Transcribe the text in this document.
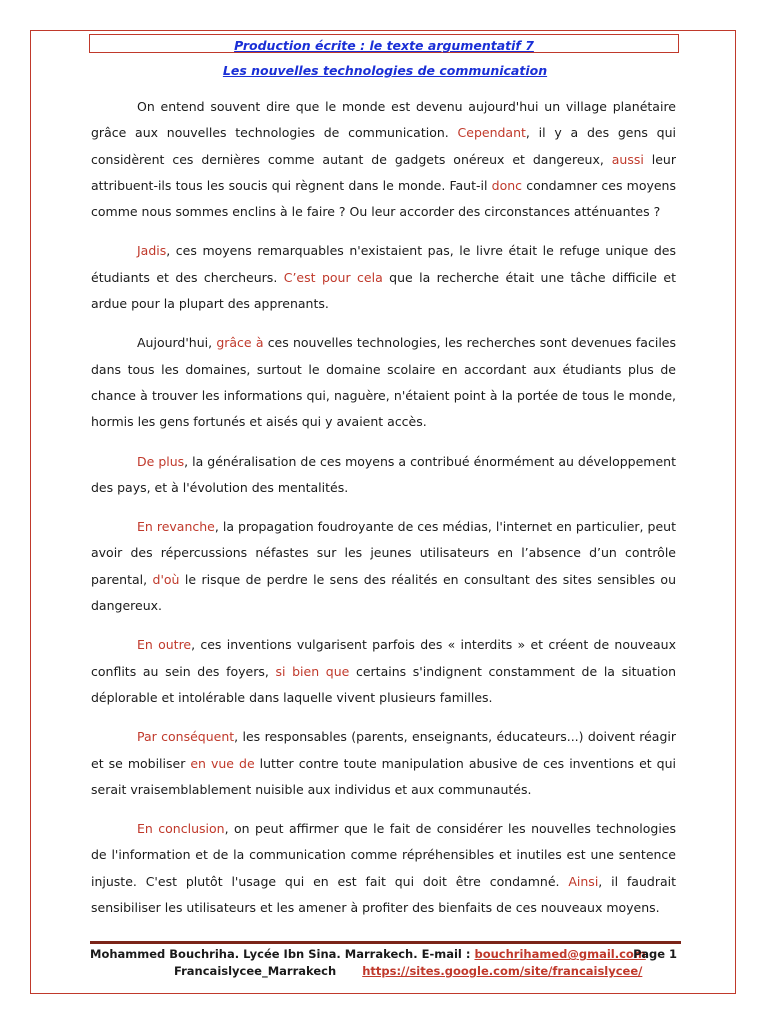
Production écrite : le texte argumentatif 7
Les nouvelles technologies de communication

On entend souvent dire que le monde est devenu aujourd'hui un village planétaire grâce aux nouvelles technologies de communication. Cependant, il y a des gens qui considèrent ces dernières comme autant de gadgets onéreux et dangereux, aussi leur attribuent-ils tous les soucis qui règnent dans le monde. Faut-il donc condamner ces moyens comme nous sommes enclins à le faire ? Ou leur accorder des circonstances atténuantes ?

Jadis, ces moyens remarquables n'existaient pas, le livre était le refuge unique des étudiants et des chercheurs. C’est pour cela que la recherche était une tâche difficile et ardue pour la plupart des apprenants.

Aujourd'hui, grâce à ces nouvelles technologies, les recherches sont devenues faciles dans tous les domaines, surtout le domaine scolaire en accordant aux étudiants plus de chance à trouver les informations qui, naguère, n'étaient point à la portée de tous le monde, hormis les gens fortunés et aisés qui y avaient accès.

De plus, la généralisation de ces moyens a contribué énormément au développement des pays, et à l'évolution des mentalités.

En revanche, la propagation foudroyante de ces médias, l'internet en particulier, peut avoir des répercussions néfastes sur les jeunes utilisateurs en l’absence d’un contrôle parental, d'où le risque de perdre le sens des réalités en consultant des sites sensibles ou dangereux.

En outre, ces inventions vulgarisent parfois des « interdits » et créent de nouveaux conflits au sein des foyers, si bien que certains s'indignent constamment de la situation déplorable et intolérable dans laquelle vivent plusieurs familles.

Par conséquent, les responsables (parents, enseignants, éducateurs...) doivent réagir et se mobiliser en vue de lutter contre toute manipulation abusive de ces inventions et qui serait vraisemblablement nuisible aux individus et aux communautés.

En conclusion, on peut affirmer que le fait de considérer les nouvelles technologies de l'information et de la communication comme répréhensibles et inutiles est une sentence injuste. C'est plutôt l'usage qui en est fait qui doit être condamné. Ainsi, il faudrait sensibiliser les utilisateurs et les amener à profiter des bienfaits de ces nouveaux moyens.

Mohammed Bouchriha. Lycée Ibn Sina. Marrakech. E-mail : bouchrihamed@gmail.com
Page 1
Francaislycee_Marrakech https://sites.google.com/site/francaislycee/
